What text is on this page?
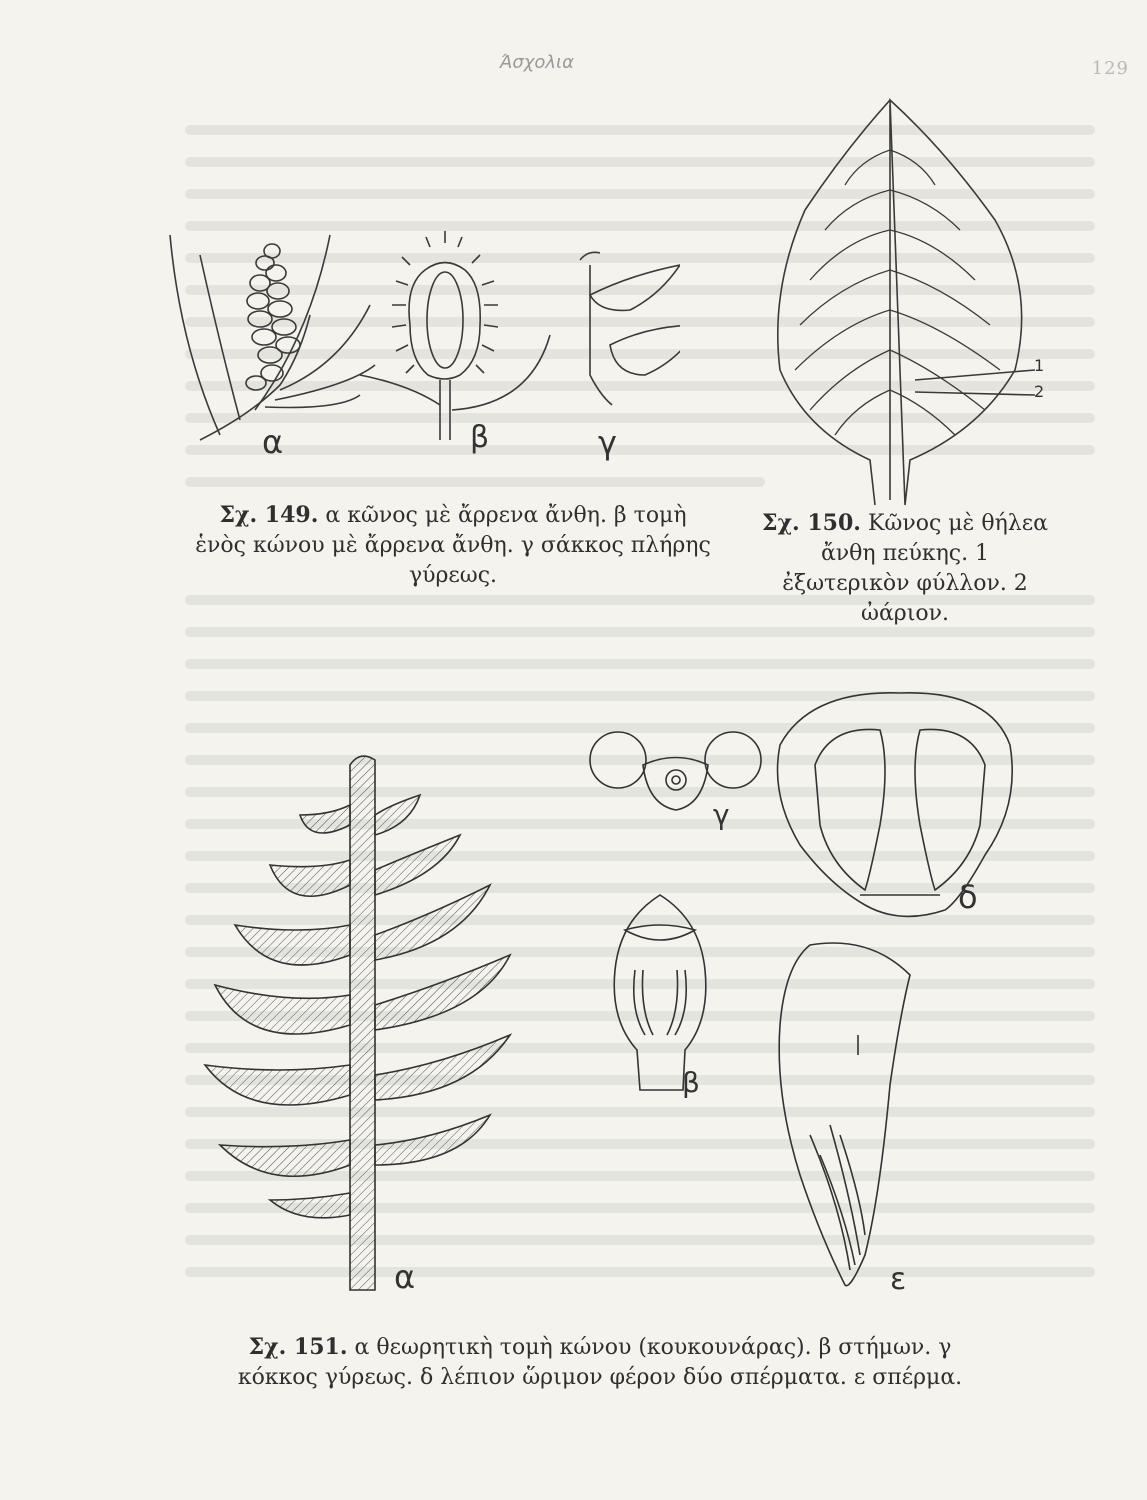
Άσχολια	129
α	β	γ
Σχ. 149. α κῶνος μὲ ἄρρενα ἄνθη. β τομὴ ἑνὸς κώνου μὲ ἄρρενα ἄνθη. γ σάκκος πλήρης γύρεως.
1
2
Σχ. 150. Κῶνος μὲ θήλεα ἄνθη πεύκης. 1 ἐξωτερικὸν φύλλον. 2 ὠάριον.
α
γ
δ
β
ε
Σχ. 151. α θεωρητικὴ τομὴ κώνου (κουκουνάρας). β στήμων. γ κόκκος γύρεως. δ λέπιον ὥριμον φέρον δύο σπέρματα. ε σπέρμα.
